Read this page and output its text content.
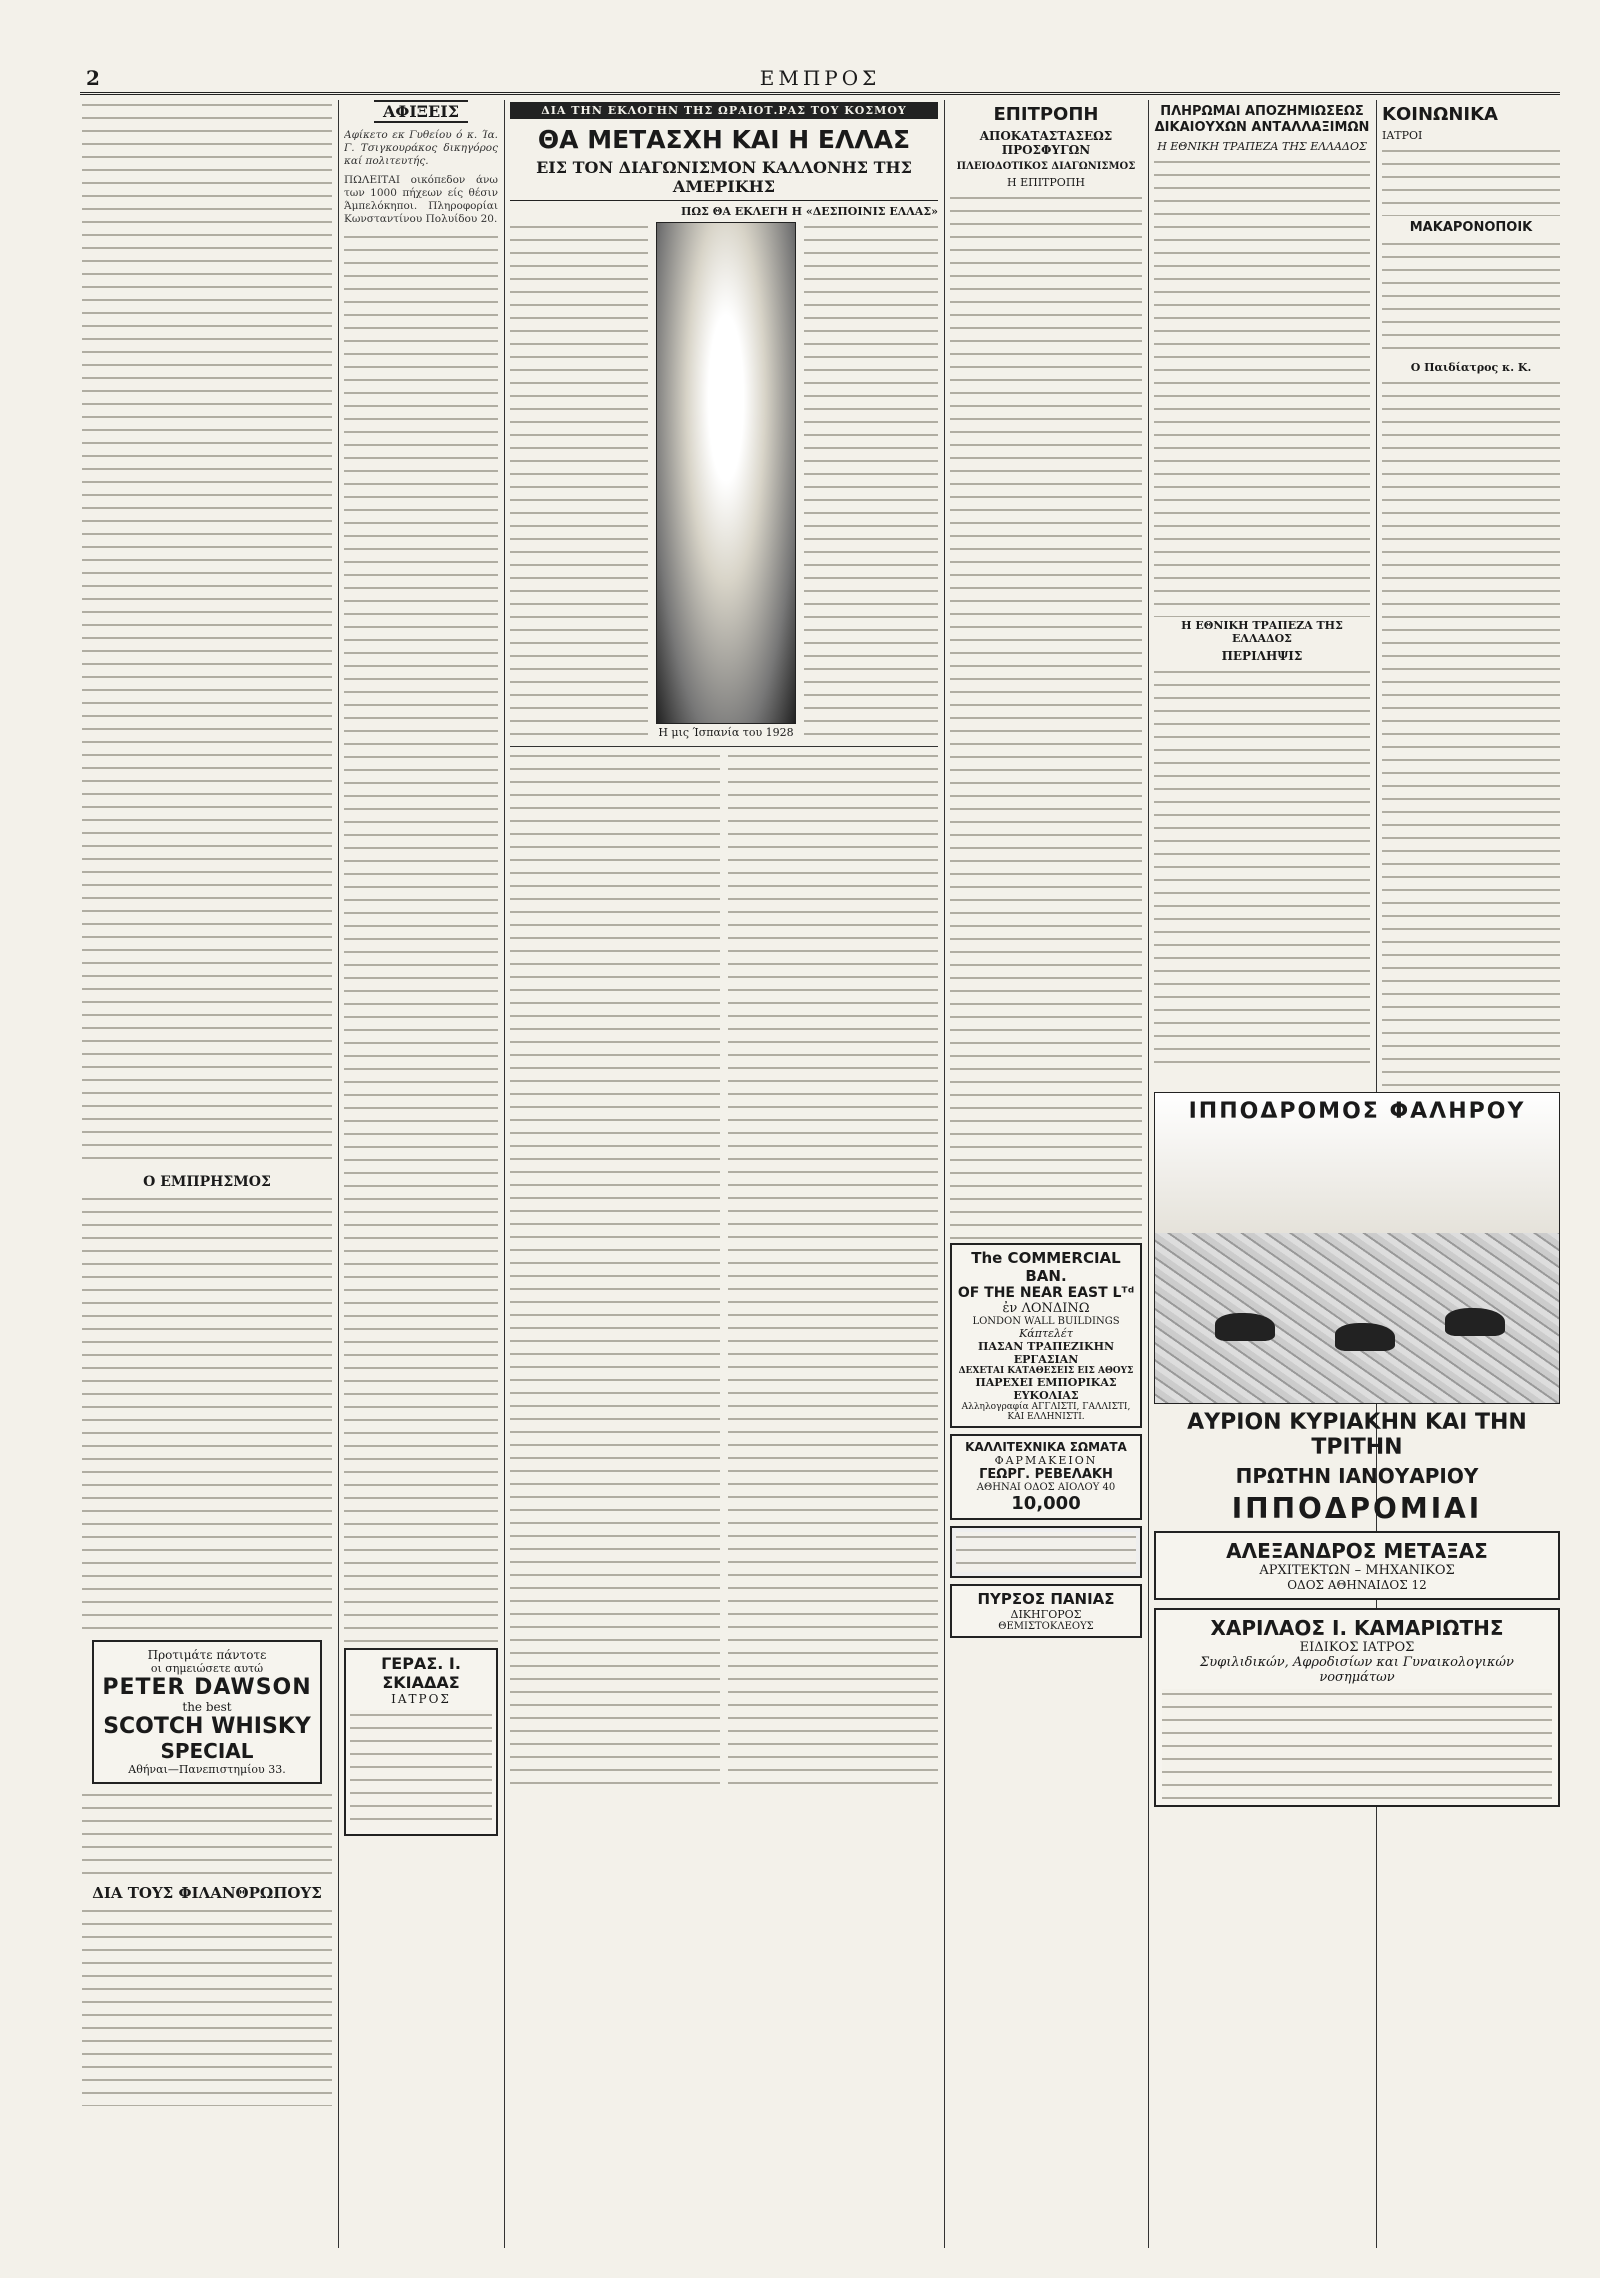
2	ΕΜΠΡΟΣ
Ο ΕΜΠΡΗΣΜΟΣ
Προτιμάτε πάντοτε
οι σημειώσετε αυτώ
PETER DAWSON
the best
SCOTCH WHISKY
SPECIAL
Αθήναι—Πανεπιστημίου 33.
ΔΙΑ ΤΟΥΣ ΦΙΛΑΝΘΡΩΠΟΥΣ
ΑΦΙΞΕΙΣ
Αφίκετο εκ Γυθείου ό κ. Ία. Γ. Τσιγκουράκος δικηγόρος καί πολιτευτής.
ΠΩΛΕΙΤΑΙ οικόπεδον άνω των 1000 πήχεων είς θέσιν Άμπελόκηποι. Πληροφορίαι Κωνσταντίνου Πολυίδου 20.
ΓΕΡΑΣ. Ι. ΣΚΙΑΔΑΣ
ΙΑΤΡΟΣ
ΔΙΑ ΤΗΝ ΕΚΛΟΓΗΝ ΤΗΣ ΩΡΑΙΟΤ.ΡΑΣ ΤΟΥ ΚΟΣΜΟΥ
ΘΑ ΜΕΤΑΣΧΗ ΚΑΙ Η ΕΛΛΑΣ
ΕΙΣ ΤΟΝ ΔΙΑΓΩΝΙΣΜΟΝ ΚΑΛΛΟΝΗΣ ΤΗΣ ΑΜΕΡΙΚΗΣ
ΠΩΣ ΘΑ ΕΚΛΕΓΗ Η «ΔΕΣΠΟΙΝΙΣ ΕΛΛΑΣ»
Η μις Ίσπανία του 1928
ΕΠΙΤΡΟΠΗ
ΑΠΟΚΑΤΑΣΤΑΣΕΩΣ ΠΡΟΣΦΥΓΩΝ
ΠΛΕΙΟΔΟΤΙΚΟΣ ΔΙΑΓΩΝΙΣΜΟΣ
Η ΕΠΙΤΡΟΠΗ
The COMMERCIAL BAN.
OF THE NEAR EAST Lᵀᵈ
ἐν ΛΟΝΔΙΝΩ
LONDON WALL BUILDINGS
Κάπτελέτ
ΠΑΣΑΝ ΤΡΑΠΕΖΙΚΗΝ ΕΡΓΑΣΙΑΝ
ΔΕΧΕΤΑΙ ΚΑΤΑΘΕΣΕΙΣ ΕΙΣ ΑΘΟΥΣ
ΠΑΡΕΧΕΙ ΕΜΠΟΡΙΚΑΣ ΕΥΚΟΛΙΑΣ
Αλληλογραφία ΑΓΓΛΙΣΤΙ, ΓΑΛΛΙΣΤΙ, ΚΑΙ ΕΛΛΗΝΙΣΤΙ.
ΚΑΛΛΙΤΕΧΝΙΚΑ ΣΩΜΑΤΑ
ΦΑΡΜΑΚΕΙΟΝ
ΓΕΩΡΓ. ΡΕΒΕΛΑΚΗ
ΑΘΗΝΑΙ ΟΔΟΣ ΑΙΟΛΟΥ 40
10,000
ΠΥΡΣΟΣ ΠΑΝΙΑΣ
ΔΙΚΗΓΟΡΟΣ
ΘΕΜΙΣΤΟΚΛΕΟΥΣ
ΠΛΗΡΩΜΑΙ ΑΠΟΖΗΜΙΩΣΕΩΣ ΔΙΚΑΙΟΥΧΩΝ ΑΝΤΑΛΛΑΞΙΜΩΝ
Η ΕΘΝΙΚΗ ΤΡΑΠΕΖΑ ΤΗΣ ΕΛΛΑΔΟΣ
Η ΕΘΝΙΚΗ ΤΡΑΠΕΖΑ ΤΗΣ ΕΛΛΑΔΟΣ
ΠΕΡΙΛΗΨΙΣ
ΚΟΙΝΩΝΙΚΑ
ΙΑΤΡΟΙ
ΜΑΚΑΡΟΝΟΠΟΙΚ
Ο Παιδίατρος κ. Κ.
ΙΠΠΟΔΡΟΜΟΣ ΦΑΛΗΡΟΥ
ΑΥΡΙΟΝ ΚΥΡΙΑΚΗΝ ΚΑΙ ΤΗΝ ΤΡΙΤΗΝ
ΠΡΩΤΗΝ ΙΑΝΟΥΑΡΙΟΥ
ΙΠΠΟΔΡΟΜΙΑΙ
ΑΛΕΞΑΝΔΡΟΣ ΜΕΤΑΞΑΣ
ΑΡΧΙΤΕΚΤΩΝ – ΜΗΧΑΝΙΚΟΣ
ΟΔΟΣ ΑΘΗΝΑΙΔΟΣ 12
ΧΑΡΙΛΑΟΣ Ι. ΚΑΜΑΡΙΩΤΗΣ
ΕΙΔΙΚΟΣ ΙΑΤΡΟΣ
Συφιλιδικών, Αφροδισίων και Γυναικολογικών νοσημάτων
